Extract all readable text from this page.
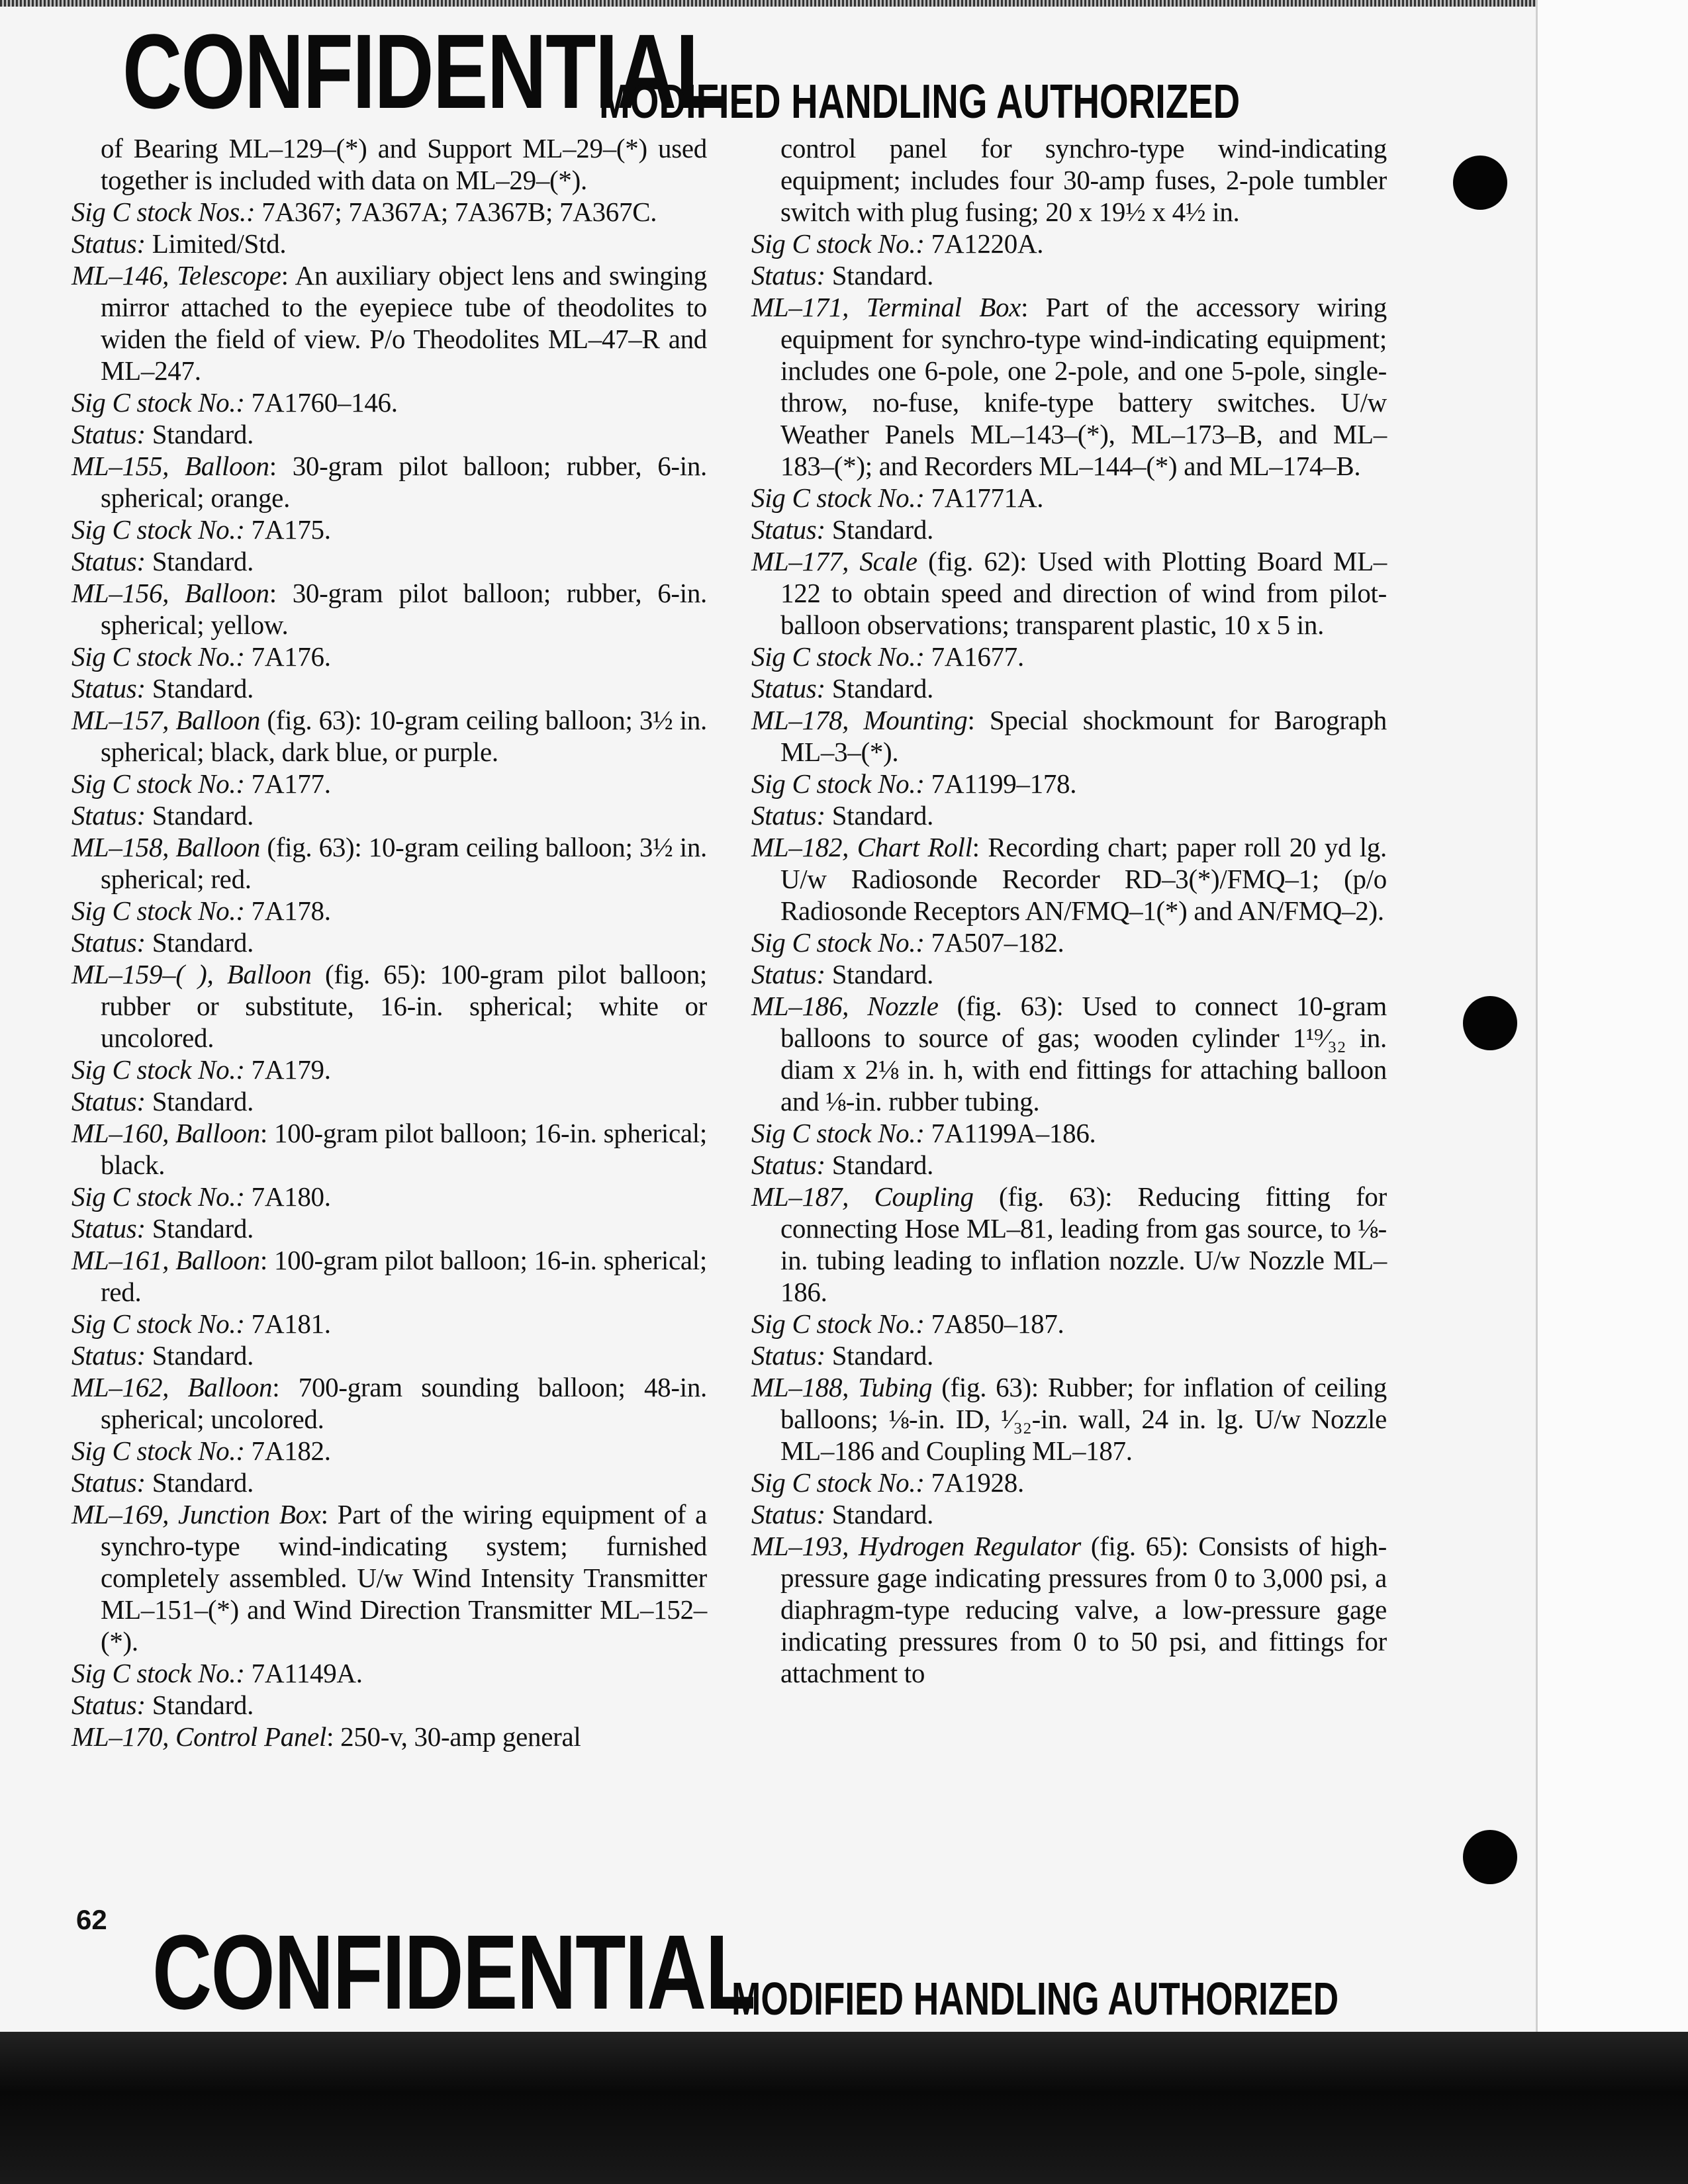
CONFIDENTIAL
MODIFIED HANDLING AUTHORIZED

of Bearing ML–129–(*) and Support ML–29–(*) used together is included with data on ML–29–(*).

Sig C stock Nos.: 7A367; 7A367A; 7A367B; 7A367C.

Status: Limited/Std.

ML–146, Telescope: An auxiliary object lens and swinging mirror attached to the eyepiece tube of theodolites to widen the field of view. P/o Theodolites ML–47–R and ML–247.

Sig C stock No.: 7A1760–146.

Status: Standard.

ML–155, Balloon: 30-gram pilot balloon; rubber, 6-in. spherical; orange.

Sig C stock No.: 7A175.

Status: Standard.

ML–156, Balloon: 30-gram pilot balloon; rubber, 6-in. spherical; yellow.

Sig C stock No.: 7A176.

Status: Standard.

ML–157, Balloon (fig. 63): 10-gram ceiling balloon; 3½ in. spherical; black, dark blue, or purple.

Sig C stock No.: 7A177.

Status: Standard.

ML–158, Balloon (fig. 63): 10-gram ceiling balloon; 3½ in. spherical; red.

Sig C stock No.: 7A178.

Status: Standard.

ML–159–( ), Balloon (fig. 65): 100-gram pilot balloon; rubber or substitute, 16-in. spherical; white or uncolored.

Sig C stock No.: 7A179.

Status: Standard.

ML–160, Balloon: 100-gram pilot balloon; 16-in. spherical; black.

Sig C stock No.: 7A180.

Status: Standard.

ML–161, Balloon: 100-gram pilot balloon; 16-in. spherical; red.

Sig C stock No.: 7A181.

Status: Standard.

ML–162, Balloon: 700-gram sounding balloon; 48-in. spherical; uncolored.

Sig C stock No.: 7A182.

Status: Standard.

ML–169, Junction Box: Part of the wiring equipment of a synchro-type wind-indicating system; furnished completely assembled. U/w Wind Intensity Transmitter ML–151–(*) and Wind Direction Transmitter ML–152–(*).

Sig C stock No.: 7A1149A.

Status: Standard.

ML–170, Control Panel: 250-v, 30-amp general

control panel for synchro-type wind-indicating equipment; includes four 30-amp fuses, 2-pole tumbler switch with plug fusing; 20 x 19½ x 4½ in.

Sig C stock No.: 7A1220A.

Status: Standard.

ML–171, Terminal Box: Part of the accessory wiring equipment for synchro-type wind-indicating equipment; includes one 6-pole, one 2-pole, and one 5-pole, single-throw, no-fuse, knife-type battery switches. U/w Weather Panels ML–143–(*), ML–173–B, and ML–183–(*); and Recorders ML–144–(*) and ML–174–B.

Sig C stock No.: 7A1771A.

Status: Standard.

ML–177, Scale (fig. 62): Used with Plotting Board ML–122 to obtain speed and direction of wind from pilot-balloon observations; transparent plastic, 10 x 5 in.

Sig C stock No.: 7A1677.

Status: Standard.

ML–178, Mounting: Special shockmount for Barograph ML–3–(*).

Sig C stock No.: 7A1199–178.

Status: Standard.

ML–182, Chart Roll: Recording chart; paper roll 20 yd lg. U/w Radiosonde Recorder RD–3(*)/FMQ–1; (p/o Radiosonde Receptors AN/FMQ–1(*) and AN/FMQ–2).

Sig C stock No.: 7A507–182.

Status: Standard.

ML–186, Nozzle (fig. 63): Used to connect 10-gram balloons to source of gas; wooden cylinder 1¹⁹⁄₃₂ in. diam x 2⅛ in. h, with end fittings for attaching balloon and ⅛-in. rubber tubing.

Sig C stock No.: 7A1199A–186.

Status: Standard.

ML–187, Coupling (fig. 63): Reducing fitting for connecting Hose ML–81, leading from gas source, to ⅛-in. tubing leading to inflation nozzle. U/w Nozzle ML–186.

Sig C stock No.: 7A850–187.

Status: Standard.

ML–188, Tubing (fig. 63): Rubber; for inflation of ceiling balloons; ⅛-in. ID, ¹⁄₃₂-in. wall, 24 in. lg. U/w Nozzle ML–186 and Coupling ML–187.

Sig C stock No.: 7A1928.

Status: Standard.

ML–193, Hydrogen Regulator (fig. 65): Consists of high-pressure gage indicating pressures from 0 to 3,000 psi, a diaphragm-type reducing valve, a low-pressure gage indicating pressures from 0 to 50 psi, and fittings for attachment to

62 CONFIDENTIAL
MODIFIED HANDLING AUTHORIZED
